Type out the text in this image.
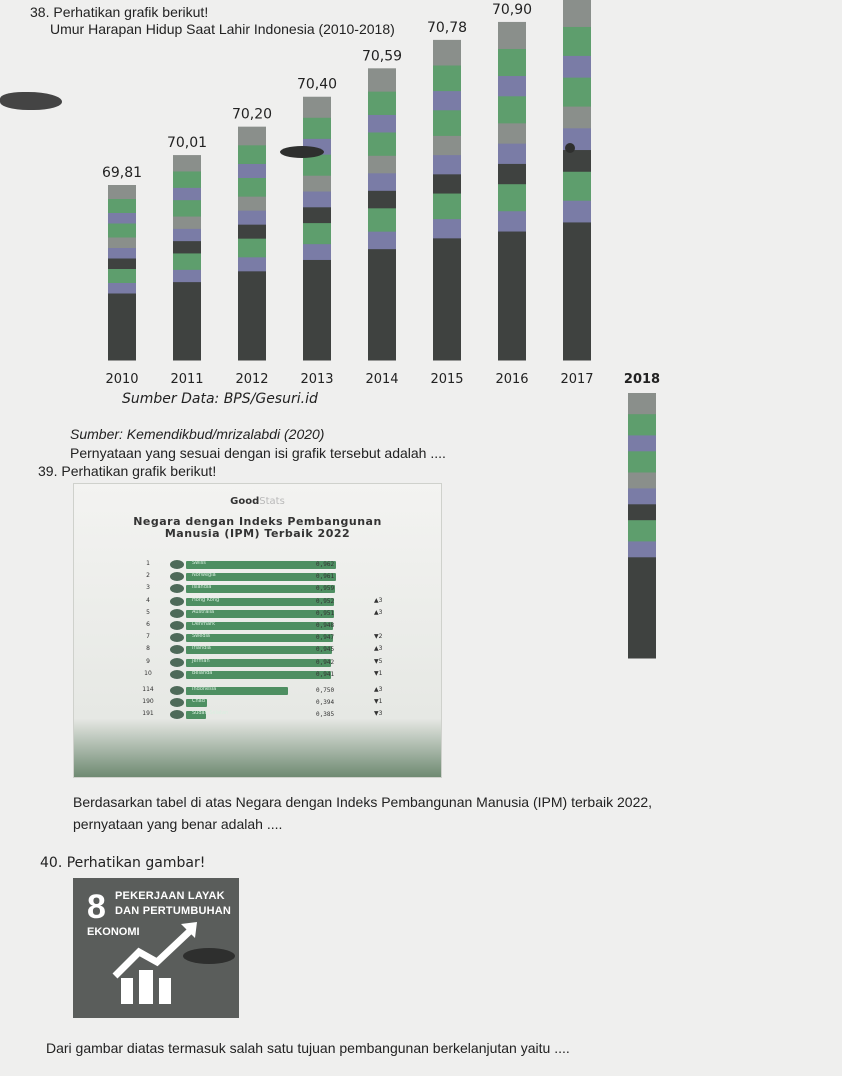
38. Perhatikan grafik berikut!
Umur Harapan Hidup Saat Lahir Indonesia (2010-2018)
69,81
2010
70,01
2011
70,20
2012
70,40
2013
70,59
2014
70,78
2015
70,90
2016 2017 2018
Sumber Data: BPS/Gesuri.id
Sumber: Kemendikbud/mrizalabdi (2020)
Pernyataan yang sesuai dengan isi grafik tersebut adalah ....
39. Perhatikan grafik berikut!
GoodStats
Negara dengan Indeks Pembangunan
Manusia (IPM) Terbaik 2022
1	Swiss	0,962
2	Norwegia	0,961
3	Islandia	0,959
4	Hong Kong	0,952	▲3
5	Australia	0,951	▲3
6	Denmark	0,948
7	Swedia	0,947	▼2
8	Irlandia	0,945	▲3
9	Jerman	0,942	▼5
10	Belanda	0,941	▼1
114	Indonesia	0,750	▲3
190	Chad	0,394	▼1
191	Sudan Selatan	0,385	▼3
Berdasarkan tabel di atas Negara dengan Indeks Pembangunan Manusia (IPM) terbaik 2022,
pernyataan yang benar adalah ....
40. Perhatikan gambar!
8 PEKERJAAN LAYAK
DAN PERTUMBUHAN
EKONOMI
Dari gambar diatas termasuk salah satu tujuan pembangunan berkelanjutan yaitu ....
